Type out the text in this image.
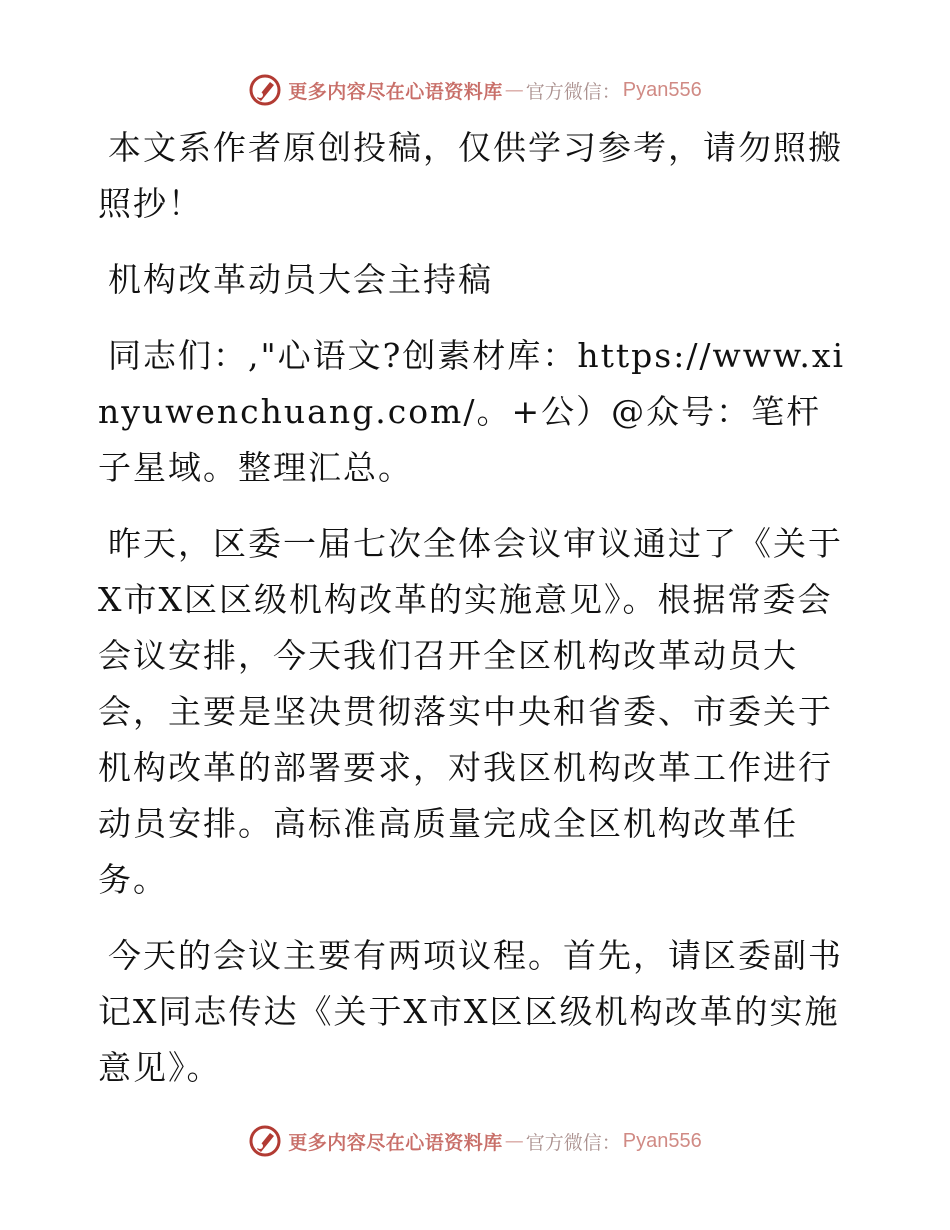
更多内容尽在心语资料库 — 官方微信： Pyan556

本文系作者原创投稿，仅供学习参考，请勿照搬照抄！

机构改革动员大会主持稿

同志们：,"心语文?创素材库：https://www.xinyuwenchuang.com/。+公）@众号：笔杆子星域。整理汇总。

昨天，区委一届七次全体会议审议通过了《关于X市X区区级机构改革的实施意见》。根据常委会会议安排，今天我们召开全区机构改革动员大会，主要是坚决贯彻落实中央和省委、市委关于机构改革的部署要求，对我区机构改革工作进行动员安排。高标准高质量完成全区机构改革任务。

今天的会议主要有两项议程。首先，请区委副书记X同志传达《关于X市X区区级机构改革的实施意见》。

更多内容尽在心语资料库 — 官方微信： Pyan556
